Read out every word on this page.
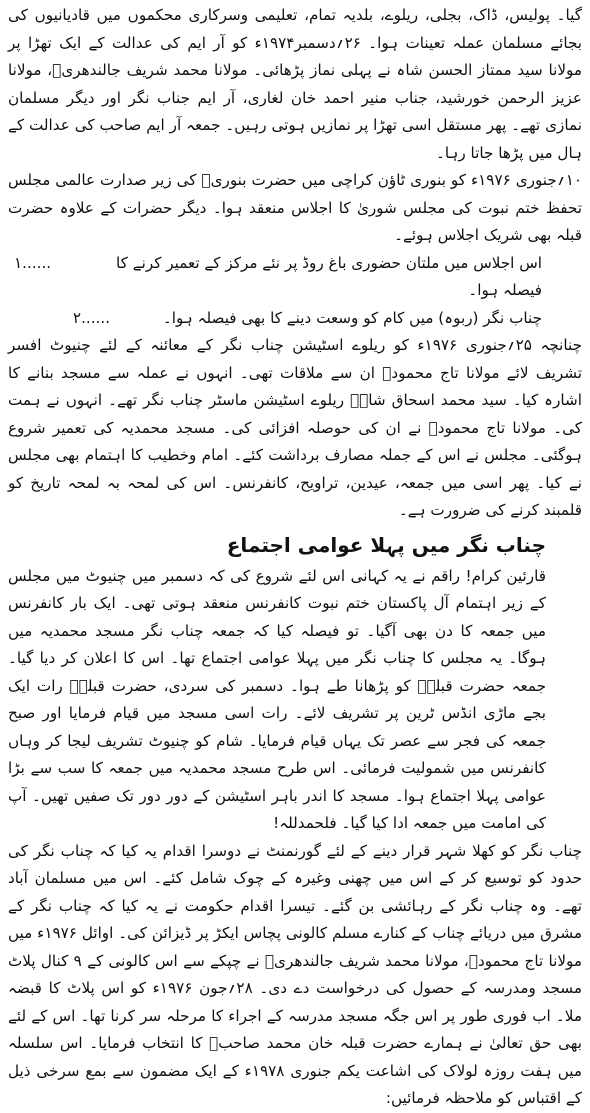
گیا۔ پولیس، ڈاک، بجلی، ریلوے، بلدیہ تمام، تعلیمی وسرکاری محکموں میں قادیانیوں کی بجائے مسلمان عملہ تعینات ہوا۔ ۲۶؍دسمبر۱۹۷۴ء کو آر ایم کی عدالت کے ایک تھڑا پر مولانا سید ممتاز الحسن شاہ نے پہلی نماز پڑھائی۔ مولانا محمد شریف جالندھریؒ، مولانا عزیز الرحمن خورشید، جناب منیر احمد خان لغاری، آر ایم جناب نگر اور دیگر مسلمان نمازی تھے۔ پھر مستقل اسی تھڑا پر نمازیں ہوتی رہیں۔ جمعہ آر ایم صاحب کی عدالت کے ہال میں پڑھا جاتا رہا۔

۱۰؍جنوری ۱۹۷۶ء کو بنوری ٹاؤن کراچی میں حضرت بنوریؒ کی زیر صدارت عالمی مجلس تحفظ ختم نبوت کی مجلس شوریٰ کا اجلاس منعقد ہوا۔ دیگر حضرات کے علاوہ حضرت قبلہ بھی شریک اجلاس ہوئے۔

اس اجلاس میں ملتان حضوری باغ روڈ پر نئے مرکز کے تعمیر کرنے کا فیصلہ ہوا۔
۱......
چناب نگر (ربوہ) میں کام کو وسعت دینے کا بھی فیصلہ ہوا۔
۲......

چنانچہ ۲۵؍جنوری ۱۹۷۶ء کو ریلوے اسٹیشن چناب نگر کے معائنہ کے لئے چنیوٹ افسر تشریف لائے مولانا تاج محمودؒ ان سے ملاقات تھی۔ انہوں نے عملہ سے مسجد بنانے کا اشارہ کیا۔ سید محمد اسحاق شاہؒ ریلوے اسٹیشن ماسٹر چناب نگر تھے۔ انہوں نے ہمت کی۔ مولانا تاج محمودؒ نے ان کی حوصلہ افزائی کی۔ مسجد محمدیہ کی تعمیر شروع ہوگئی۔ مجلس نے اس کے جملہ مصارف برداشت کئے۔ امام وخطیب کا اہتمام بھی مجلس نے کیا۔ پھر اسی میں جمعہ، عیدین، تراویح، کانفرنس۔ اس کی لمحہ بہ لمحہ تاریخ کو قلمبند کرنے کی ضرورت ہے۔

چناب نگر میں پہلا عوامی اجتماع

قارئین کرام! راقم نے یہ کہانی اس لئے شروع کی کہ دسمبر میں چنیوٹ میں مجلس کے زیر اہتمام آل پاکستان ختم نبوت کانفرنس منعقد ہوتی تھی۔ ایک بار کانفرنس میں جمعہ کا دن بھی آگیا۔ تو فیصلہ کیا کہ جمعہ چناب نگر مسجد محمدیہ میں ہوگا۔ یہ مجلس کا چناب نگر میں پہلا عوامی اجتماع تھا۔ اس کا اعلان کر دیا گیا۔ جمعہ حضرت قبلہؒ کو پڑھانا طے ہوا۔ دسمبر کی سردی، حضرت قبلہؒ رات ایک بجے ماڑی انڈس ٹرین پر تشریف لائے۔ رات اسی مسجد میں قیام فرمایا اور صبح جمعہ کی فجر سے عصر تک یہاں قیام فرمایا۔ شام کو چنیوٹ تشریف لیجا کر وہاں کانفرنس میں شمولیت فرمائی۔ اس طرح مسجد محمدیہ میں جمعہ کا سب سے بڑا عوامی پہلا اجتماع ہوا۔ مسجد کا اندر باہر اسٹیشن کے دور دور تک صفیں تھیں۔ آپ کی امامت میں جمعہ ادا کیا گیا۔ فلحمدللہ!

چناب نگر کو کھلا شہر قرار دینے کے لئے گورنمنٹ نے دوسرا اقدام یہ کیا کہ چناب نگر کی حدود کو توسیع کر کے اس میں چھنی وغیرہ کے چوک شامل کئے۔ اس میں مسلمان آباد تھے۔ وہ چناب نگر کے رہائشی بن گئے۔ تیسرا اقدام حکومت نے یہ کیا کہ چناب نگر کے مشرق میں دریائے چناب کے کنارے مسلم کالونی پچاس ایکڑ پر ڈیزائن کی۔ اوائل ۱۹۷۶ء میں مولانا تاج محمودؒ، مولانا محمد شریف جالندھریؒ نے چپکے سے اس کالونی کے ۹ کنال پلاٹ مسجد ومدرسہ کے حصول کی درخواست دے دی۔ ۲۸؍جون ۱۹۷۶ء کو اس پلاٹ کا قبضہ ملا۔ اب فوری طور پر اس جگہ مسجد مدرسہ کے اجراء کا مرحلہ سر کرنا تھا۔ اس کے لئے بھی حق تعالیٰ نے ہمارے حضرت قبلہ خان محمد صاحبؒ کا انتخاب فرمایا۔ اس سلسلہ میں ہفت روزہ لولاک کی اشاعت یکم جنوری ۱۹۷۸ء کے ایک مضمون سے بمع سرخی ذیل کے اقتباس کو ملاحظہ فرمائیں:
